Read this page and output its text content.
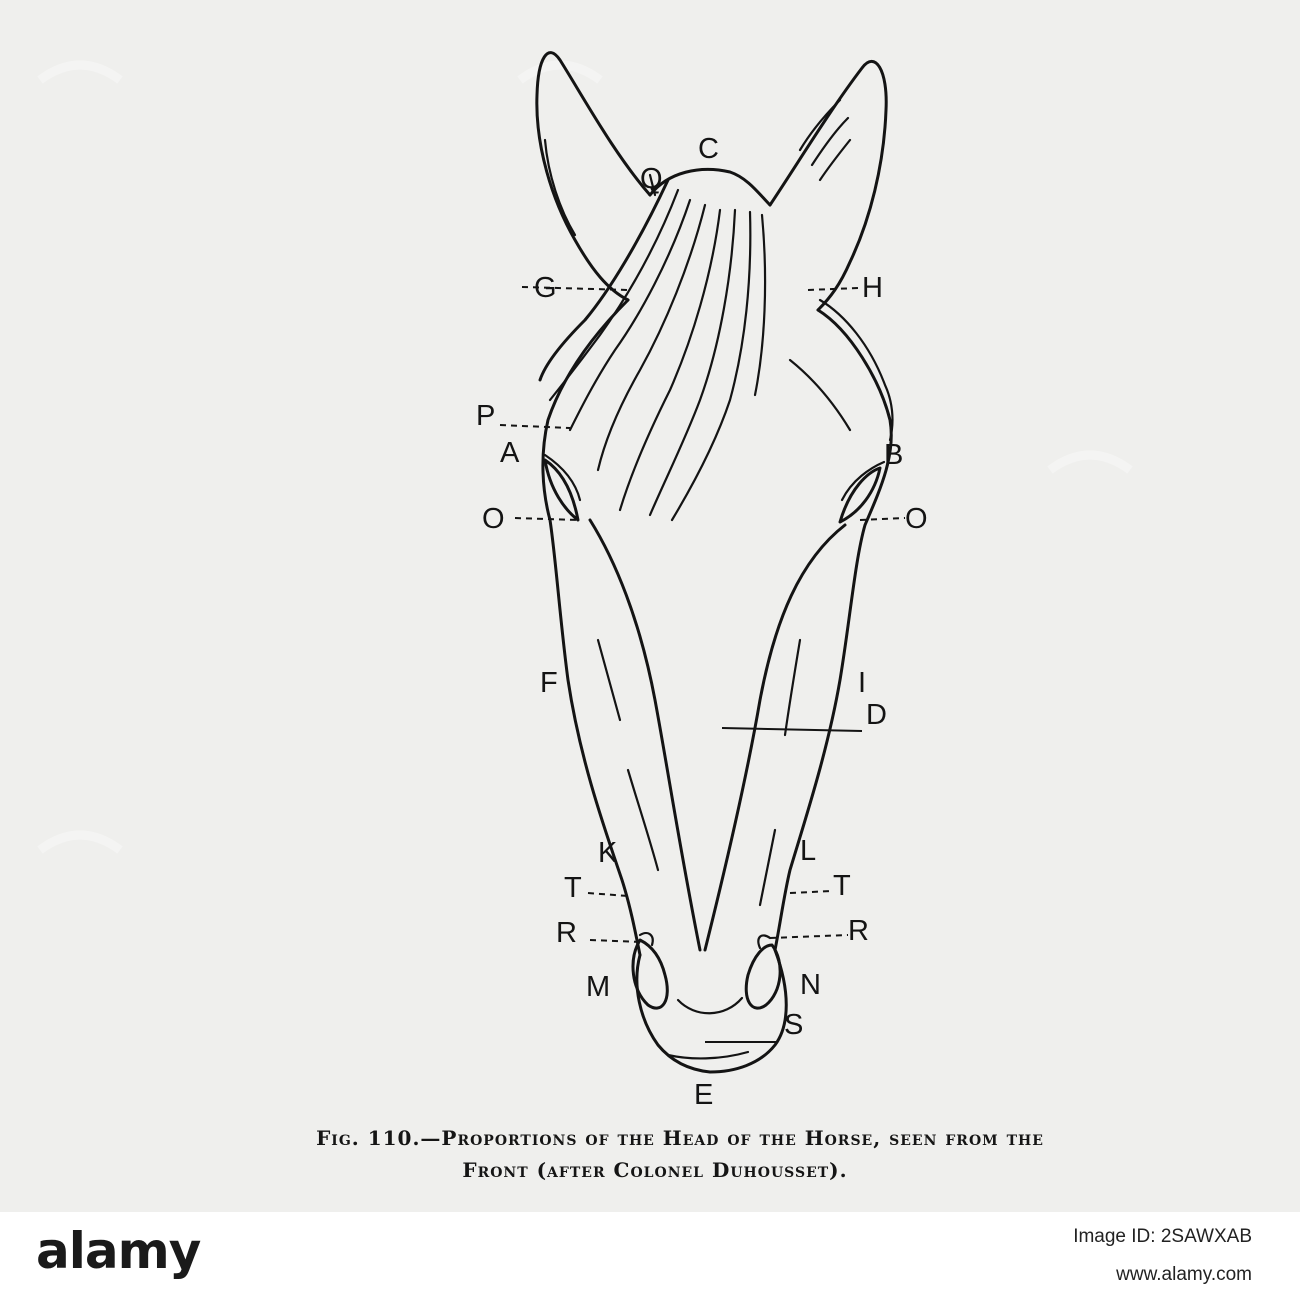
C
Q
G	H
P
A	B
O	O
F	I
D
K	L
T	T
R	R
M	N
S
E
Fig. 110.—Proportions of the Head of the Horse, seen from the
Front (after Colonel Duhousset).
alamy	Image ID: 2SAWXAB
www.alamy.com
